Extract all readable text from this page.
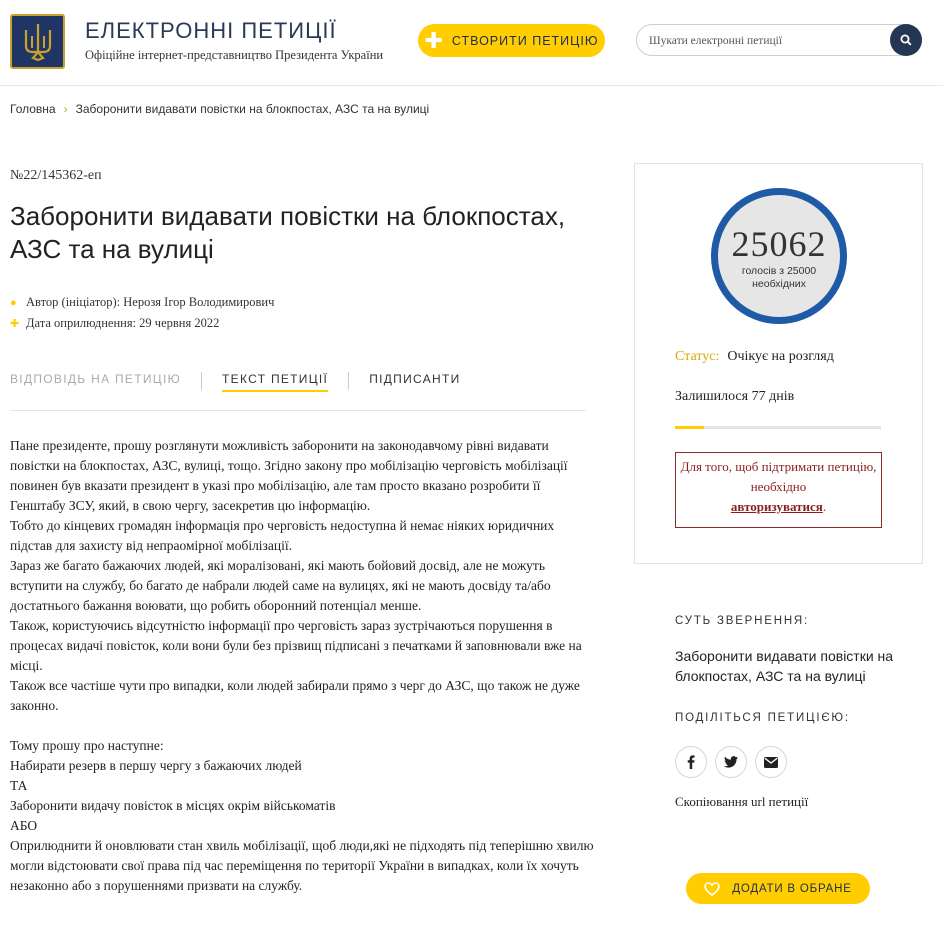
ЕЛЕКТРОННІ ПЕТИЦІЇ
Офіційне інтернет-представництво Президента України
✚ СТВОРИТИ ПЕТИЦІЮ
Шукати електронні петиції
Головна › Заборонити видавати повістки на блокпостах, АЗС та на вулиці
№22/145362-еп
Заборонити видавати повістки на блокпостах, АЗС та на вулиці
● Автор (ініціатор): Нерозя Ігор Володимирович
✚ Дата оприлюднення: 29 червня 2022
ВІДПОВІДЬ НА ПЕТИЦІЮ	ТЕКСТ ПЕТИЦІЇ	ПІДПИСАНТИ
Пане президенте, прошу розглянути можливість заборонити на законодавчому рівні видавати повістки на блокпостах, АЗС, вулиці, тощо. Згідно закону про мобілізацію черговість мобілізації повинен був вказати президент в указі про мобілізацію, але там просто вказано розробити її Генштабу ЗСУ, який, в свою чергу, засекретив цю інформацію.
Тобто до кінцевих громадян інформація про черговість недоступна й немає ніяких юридичних підстав для захисту від непраомірної мобілізації.
Зараз же багато бажаючих людей, які моралізовані, які мають бойовий досвід, але не можуть вступити на службу, бо багато де набрали людей саме на вулицях, які не мають досвіду та/або достатнього бажання воювати, що робить оборонний потенціал менше.
Також, користуючись відсутністю інформації про черговість зараз зустрічаються порушення в процесах видачі повісток, коли вони були без прізвищ підписані з печатками й заповнювали вже на місці.
Також все частіше чути про випадки, коли людей забирали прямо з черг до АЗС, що також не дуже законно.

Тому прошу про наступне:
Набирати резерв в першу чергу з бажаючих людей
ТА
Заборонити видачу повісток в місцях окрім військоматів
АБО
Оприлюднити й оновлювати стан хвиль мобілізації, щоб люди,які не підходять під теперішню хвилю могли відстоювати свої права під час переміщення по території України в випадках, коли їх хочуть незаконно або з порушеннями призвати на службу.
25062
голосів з 25000
необхідних
Статус: Очікує на розгляд
Залишилося 77 днів
Для того, щоб підтримати петицію, необхідно
авторизуватися.
СУТЬ ЗВЕРНЕННЯ:
Заборонити видавати повістки на блокпостах, АЗС та на вулиці
ПОДІЛІТЬСЯ ПЕТИЦІЄЮ:
Скопіювання url петиції
ДОДАТИ В ОБРАНЕ
